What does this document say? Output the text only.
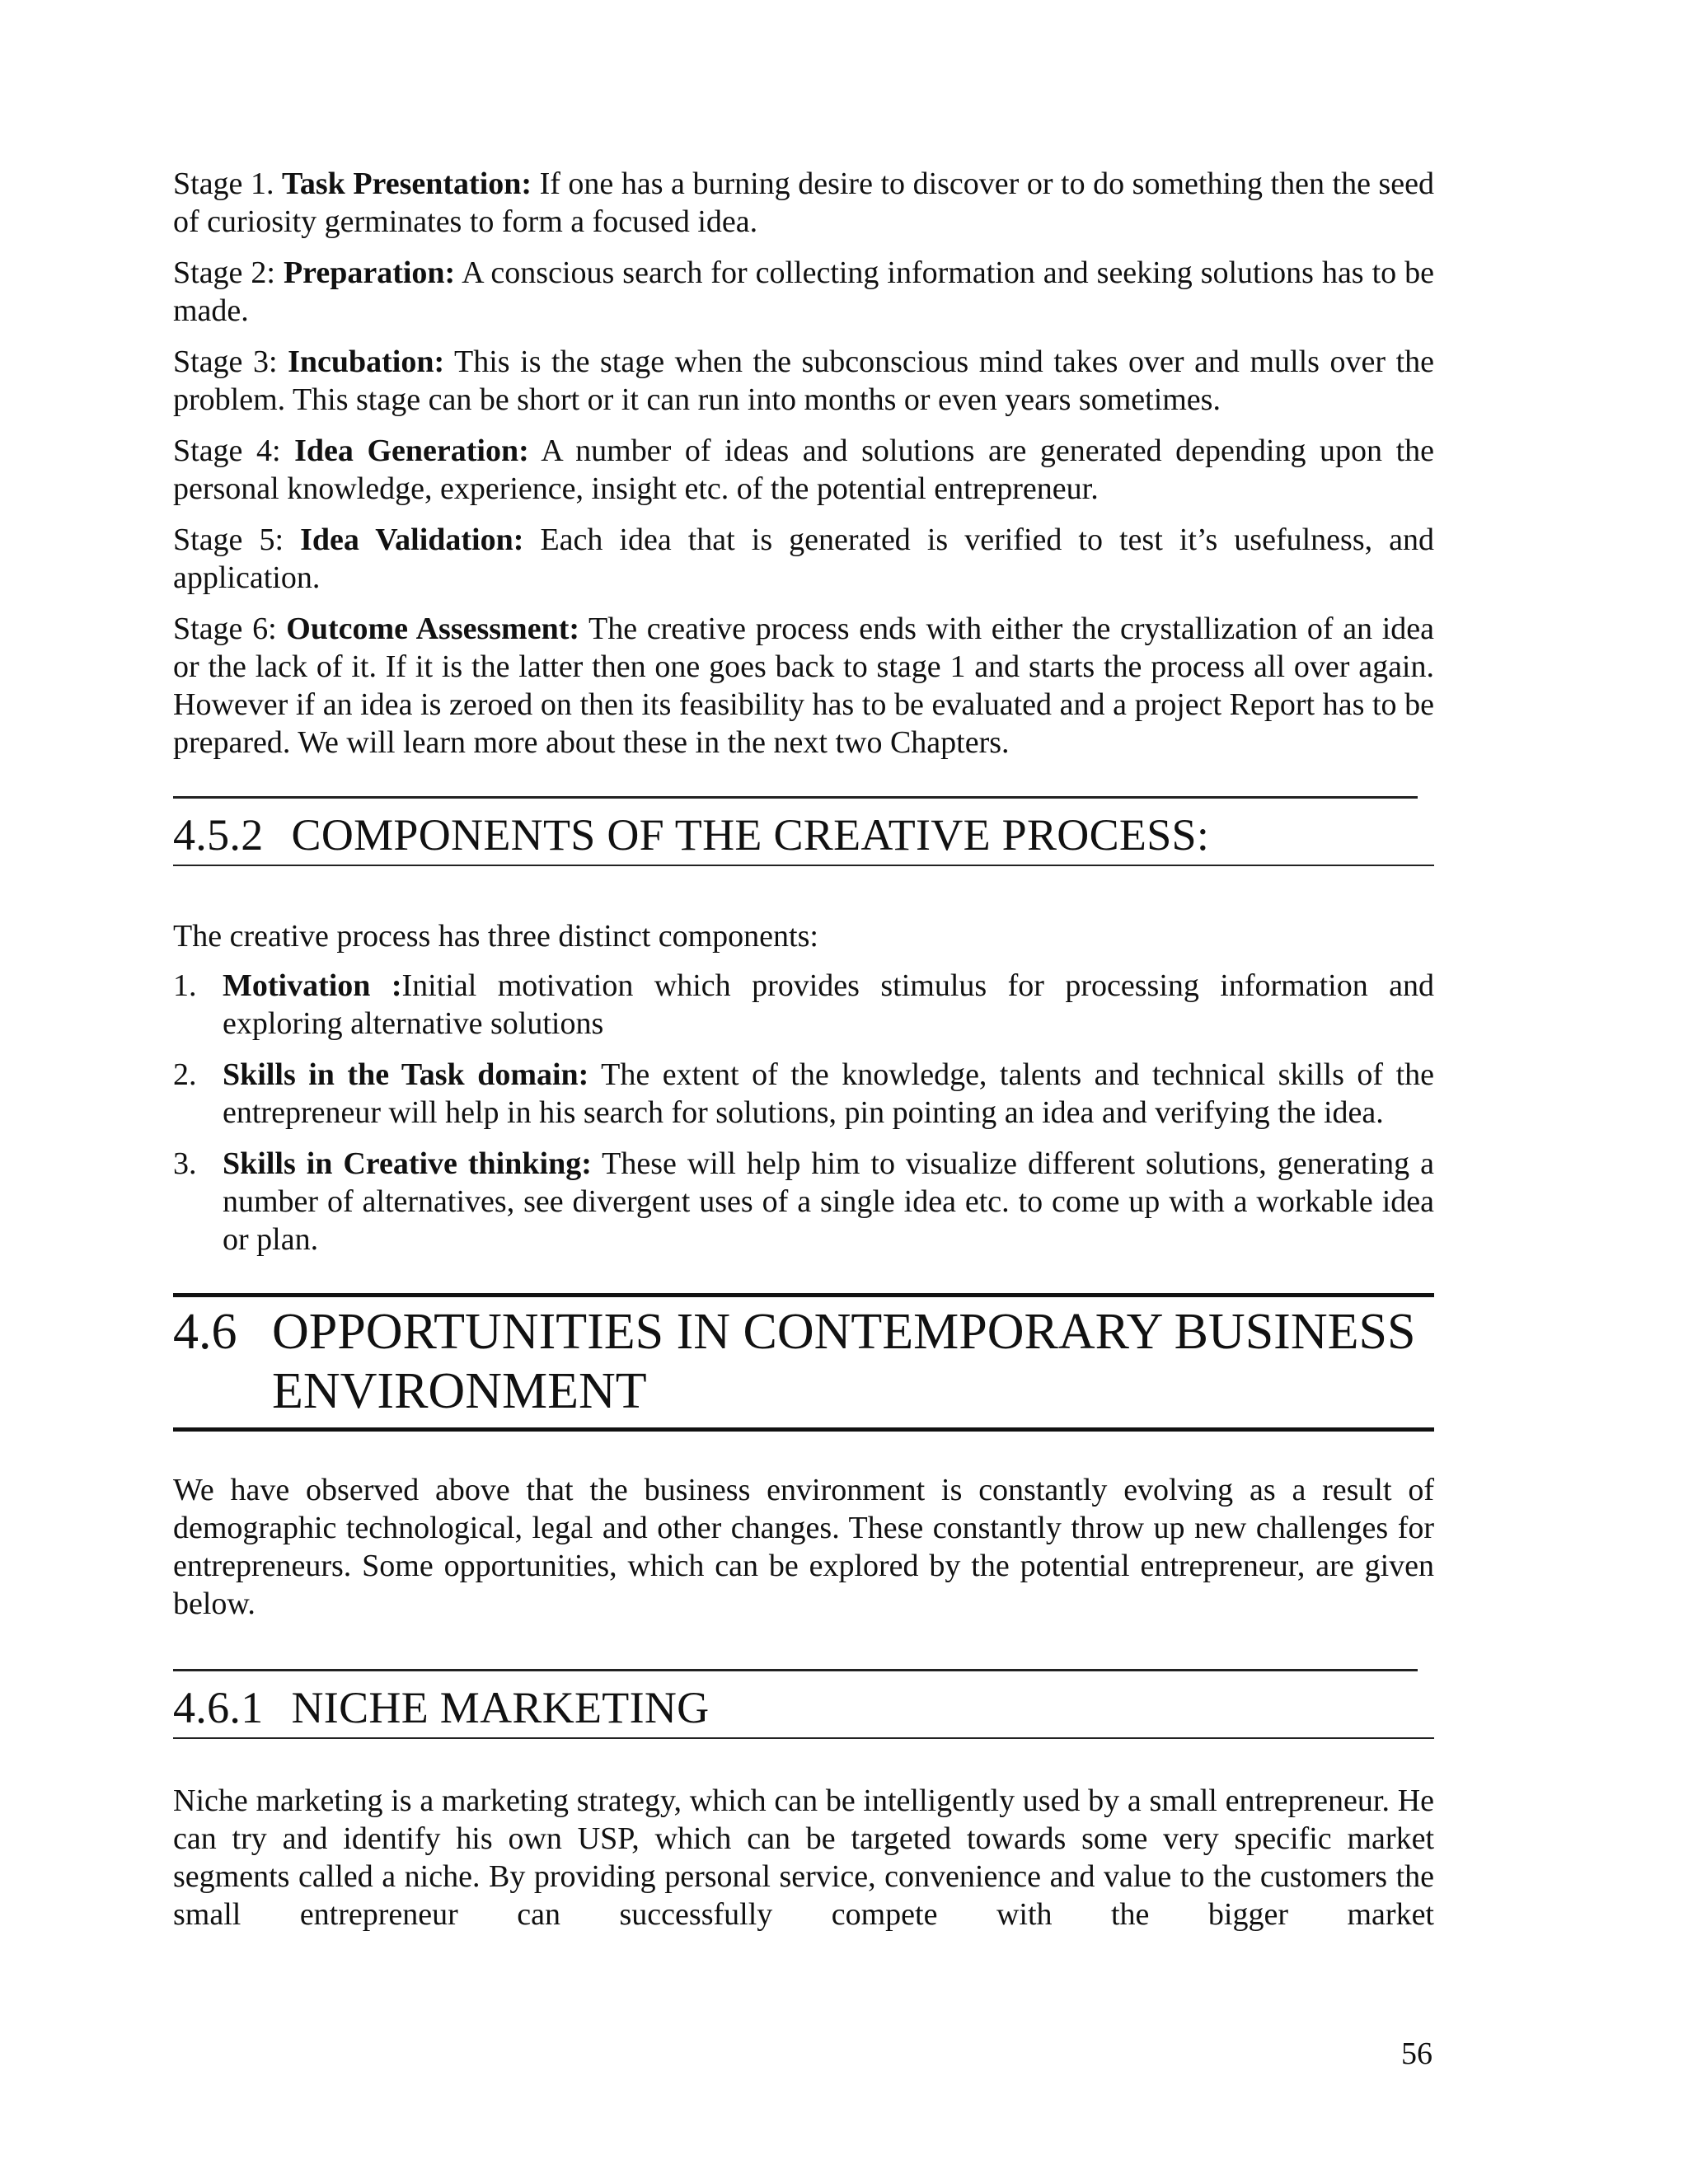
Stage 1. Task Presentation: If one has a burning desire to discover or to do something then the seed of curiosity germinates to form a focused idea.

Stage 2: Preparation: A conscious search for collecting information and seeking solutions has to be made.

Stage 3: Incubation: This is the stage when the subconscious mind takes over and mulls over the problem. This stage can be short or it can run into months or even years sometimes.

Stage 4: Idea Generation: A number of ideas and solutions are generated depending upon the personal knowledge, experience, insight etc. of the potential entrepreneur.

Stage 5: Idea Validation: Each idea that is generated is verified to test it’s usefulness, and application.

Stage 6: Outcome Assessment: The creative process ends with either the crystallization of an idea or the lack of it. If it is the latter then one goes back to stage 1 and starts the process all over again. However if an idea is zeroed on then its feasibility has to be evaluated and a project Report has to be prepared. We will learn more about these in the next two Chapters.

4.5.2 COMPONENTS OF THE CREATIVE PROCESS:

The creative process has three distinct components:

1. Motivation :Initial motivation which provides stimulus for processing information and exploring alternative solutions
2. Skills in the Task domain: The extent of the knowledge, talents and technical skills of the entrepreneur will help in his search for solutions, pin pointing an idea and verifying the idea.
3. Skills in Creative thinking: These will help him to visualize different solutions, generating a number of alternatives, see divergent uses of a single idea etc. to come up with a workable idea or plan.
4.6 OPPORTUNITIES IN CONTEMPORARY BUSINESS ENVIRONMENT

We have observed above that the business environment is constantly evolving as a result of demographic technological, legal and other changes. These constantly throw up new challenges for entrepreneurs. Some opportunities, which can be explored by the potential entrepreneur, are given below.

4.6.1 NICHE MARKETING

Niche marketing is a marketing strategy, which can be intelligently used by a small entrepreneur. He can try and identify his own USP, which can be targeted towards some very specific market segments called a niche. By providing personal service, convenience and value to the customers the small entrepreneur can successfully compete with the bigger market

56
